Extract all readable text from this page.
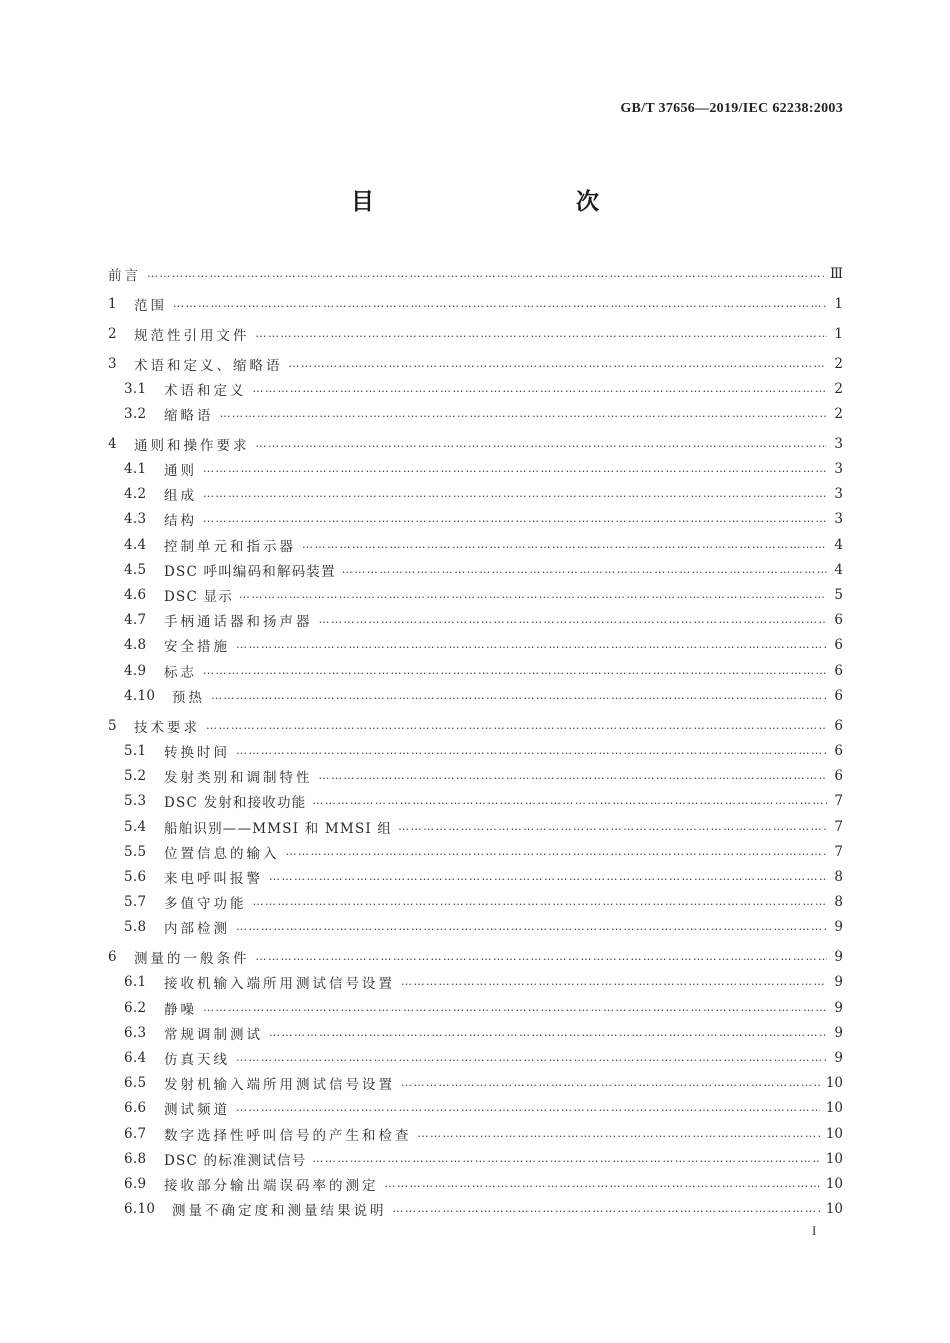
GB/T 37656—2019/IEC 62238:2003
目　　次
前言 …………………………………………………………………………………………………………………………………………………………………………………………………………………………	Ⅲ
1	范围 …………………………………………………………………………………………………………………………………………………………………………………………………………………………	1
2	规范性引用文件 …………………………………………………………………………………………………………………………………………………………………………………………………………………………	1
3	术语和定义、缩略语 …………………………………………………………………………………………………………………………………………………………………………………………………………………………	2
3.1	术语和定义 …………………………………………………………………………………………………………………………………………………………………………………………………………………………	2
3.2	缩略语 …………………………………………………………………………………………………………………………………………………………………………………………………………………………	2
4	通则和操作要求 …………………………………………………………………………………………………………………………………………………………………………………………………………………………	3
4.1	通则 …………………………………………………………………………………………………………………………………………………………………………………………………………………………	3
4.2	组成 …………………………………………………………………………………………………………………………………………………………………………………………………………………………	3
4.3	结构 …………………………………………………………………………………………………………………………………………………………………………………………………………………………	3
4.4	控制单元和指示器 …………………………………………………………………………………………………………………………………………………………………………………………………………………………	4
4.5	DSC 呼叫编码和解码装置 …………………………………………………………………………………………………………………………………………………………………………………………………………………………	4
4.6	DSC 显示 …………………………………………………………………………………………………………………………………………………………………………………………………………………………	5
4.7	手柄通话器和扬声器 …………………………………………………………………………………………………………………………………………………………………………………………………………………………	6
4.8	安全措施 …………………………………………………………………………………………………………………………………………………………………………………………………………………………	6
4.9	标志 …………………………………………………………………………………………………………………………………………………………………………………………………………………………	6
4.10	预热 …………………………………………………………………………………………………………………………………………………………………………………………………………………………	6
5	技术要求 …………………………………………………………………………………………………………………………………………………………………………………………………………………………	6
5.1	转换时间 …………………………………………………………………………………………………………………………………………………………………………………………………………………………	6
5.2	发射类别和调制特性 …………………………………………………………………………………………………………………………………………………………………………………………………………………………	6
5.3	DSC 发射和接收功能 …………………………………………………………………………………………………………………………………………………………………………………………………………………………	7
5.4	船舶识别——MMSI 和 MMSI 组 …………………………………………………………………………………………………………………………………………………………………………………………………………………………	7
5.5	位置信息的输入 …………………………………………………………………………………………………………………………………………………………………………………………………………………………	7
5.6	来电呼叫报警 …………………………………………………………………………………………………………………………………………………………………………………………………………………………	8
5.7	多值守功能 …………………………………………………………………………………………………………………………………………………………………………………………………………………………	8
5.8	内部检测 …………………………………………………………………………………………………………………………………………………………………………………………………………………………	9
6	测量的一般条件 …………………………………………………………………………………………………………………………………………………………………………………………………………………………	9
6.1	接收机输入端所用测试信号设置 …………………………………………………………………………………………………………………………………………………………………………………………………………………………	9
6.2	静噪 …………………………………………………………………………………………………………………………………………………………………………………………………………………………	9
6.3	常规调制测试 …………………………………………………………………………………………………………………………………………………………………………………………………………………………	9
6.4	仿真天线 …………………………………………………………………………………………………………………………………………………………………………………………………………………………	9
6.5	发射机输入端所用测试信号设置 …………………………………………………………………………………………………………………………………………………………………………………………………………………………	10
6.6	测试频道 …………………………………………………………………………………………………………………………………………………………………………………………………………………………	10
6.7	数字选择性呼叫信号的产生和检查 …………………………………………………………………………………………………………………………………………………………………………………………………………………………	10
6.8	DSC 的标准测试信号 …………………………………………………………………………………………………………………………………………………………………………………………………………………………	10
6.9	接收部分输出端误码率的测定 …………………………………………………………………………………………………………………………………………………………………………………………………………………………	10
6.10	测量不确定度和测量结果说明 …………………………………………………………………………………………………………………………………………………………………………………………………………………………	10
I
